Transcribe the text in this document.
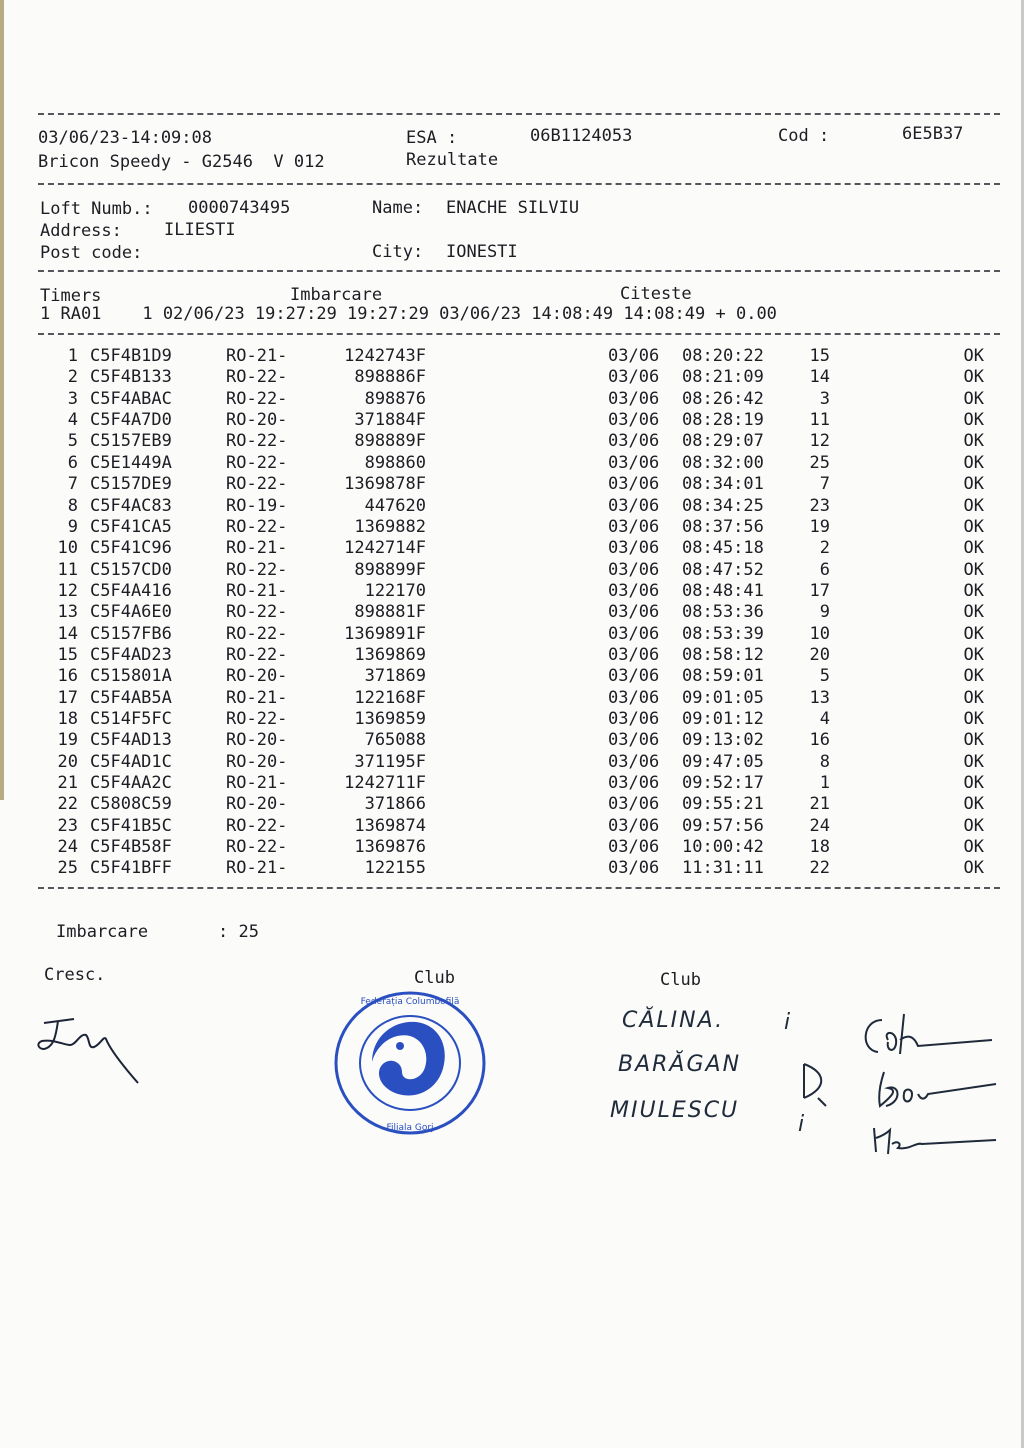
03/06/23-14:09:08	ESA :	06B1124053	Cod :	6E5B37
Bricon Speedy - G2546  V 012	Rezultate
Loft Numb.: 0000743495	Name: ENACHE SILVIU
Address: ILIESTI
Post code:	City: IONESTI
Timers	Imbarcare	Citeste
1 RA01    1 02/06/23 19:27:29 19:27:29 03/06/23 14:08:49 14:08:49 + 0.00
1 C5F4B1D9	RO-21-	1242743F	03/06 08:20:22	15	OK
2 C5F4B133	RO-22-	898886F	03/06 08:21:09	14	OK
3 C5F4ABAC	RO-22-	898876	03/06 08:26:42	3	OK
4 C5F4A7D0	RO-20-	371884F	03/06 08:28:19	11	OK
5 C5157EB9	RO-22-	898889F	03/06 08:29:07	12	OK
6 C5E1449A	RO-22-	898860	03/06 08:32:00	25	OK
7 C5157DE9	RO-22-	1369878F	03/06 08:34:01	7	OK
8 C5F4AC83	RO-19-	447620	03/06 08:34:25	23	OK
9 C5F41CA5	RO-22-	1369882	03/06 08:37:56	19	OK
10 C5F41C96	RO-21-	1242714F	03/06 08:45:18	2	OK
11 C5157CD0	RO-22-	898899F	03/06 08:47:52	6	OK
12 C5F4A416	RO-21-	122170	03/06 08:48:41	17	OK
13 C5F4A6E0	RO-22-	898881F	03/06 08:53:36	9	OK
14 C5157FB6	RO-22-	1369891F	03/06 08:53:39	10	OK
15 C5F4AD23	RO-22-	1369869	03/06 08:58:12	20	OK
16 C515801A	RO-20-	371869	03/06 08:59:01	5	OK
17 C5F4AB5A	RO-21-	122168F	03/06 09:01:05	13	OK
18 C514F5FC	RO-22-	1369859	03/06 09:01:12	4	OK
19 C5F4AD13	RO-20-	765088	03/06 09:13:02	16	OK
20 C5F4AD1C	RO-20-	371195F	03/06 09:47:05	8	OK
21 C5F4AA2C	RO-21-	1242711F	03/06 09:52:17	1	OK
22 C5808C59	RO-20-	371866	03/06 09:55:21	21	OK
23 C5F41B5C	RO-22-	1369874	03/06 09:57:56	24	OK
24 C5F4B58F	RO-22-	1369876	03/06 10:00:42	18	OK
25 C5F41BFF	RO-21-	122155	03/06 11:31:11	22	OK
Imbarcare	: 25
Cresc.	Club	Club
Federația Columbofilă
Filiala Gorj
CĂLINA.	i
BARĂGAN
MIULESCU
i
